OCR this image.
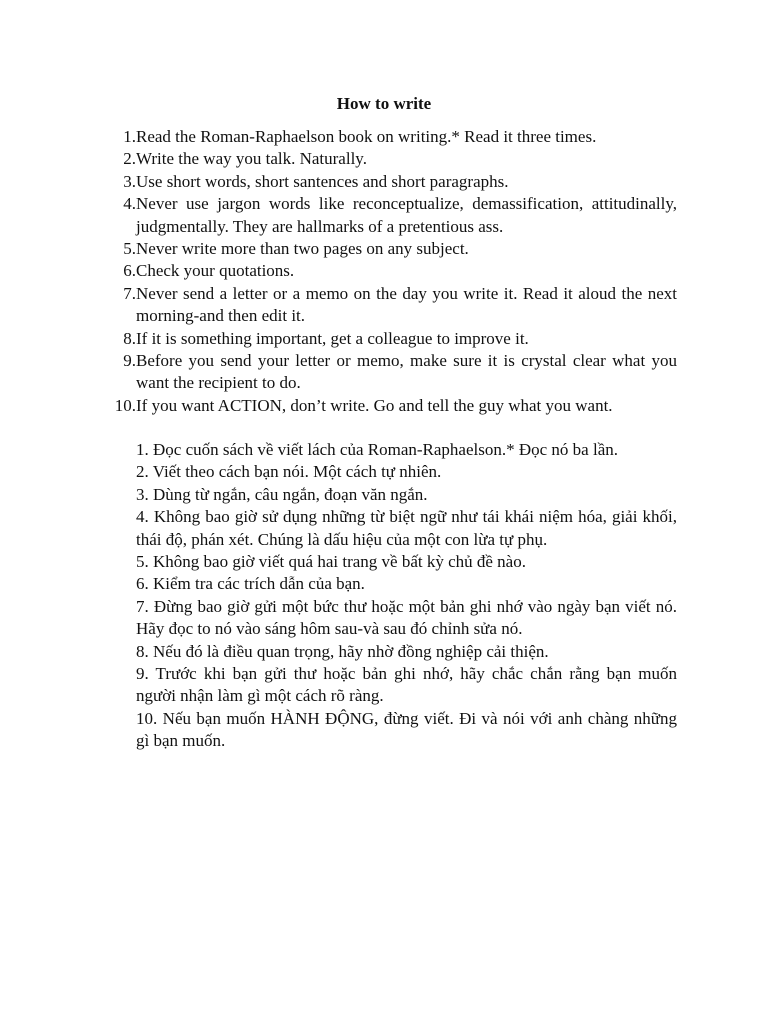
How to write
1. Read the Roman-Raphaelson book on writing.* Read it three times.
2. Write the way you talk. Naturally.
3. Use short words, short santences and short paragraphs.
4. Never use jargon words like reconceptualize, demassification, attitudinally, judgmentally. They are hallmarks of a pretentious ass.
5. Never write more than two pages on any subject.
6. Check your quotations.
7. Never send a letter or a memo on the day you write it. Read it aloud the next morning-and then edit it.
8. If it is something important, get a colleague to improve it.
9. Before you send your letter or memo, make sure it is crystal clear what you want the recipient to do.
10. If you want ACTION, don’t write. Go and tell the guy what you want.
1. Đọc cuốn sách về viết lách của Roman-Raphaelson.* Đọc nó ba lần.
2. Viết theo cách bạn nói. Một cách tự nhiên.
3. Dùng từ ngắn, câu ngắn, đoạn văn ngắn.
4. Không bao giờ sử dụng những từ biệt ngữ như tái khái niệm hóa, giải khối, thái độ, phán xét. Chúng là dấu hiệu của một con lừa tự phụ.
5. Không bao giờ viết quá hai trang về bất kỳ chủ đề nào.
6. Kiểm tra các trích dẫn của bạn.
7. Đừng bao giờ gửi một bức thư hoặc một bản ghi nhớ vào ngày bạn viết nó. Hãy đọc to nó vào sáng hôm sau-và sau đó chỉnh sửa nó.
8. Nếu đó là điều quan trọng, hãy nhờ đồng nghiệp cải thiện.
9. Trước khi bạn gửi thư hoặc bản ghi nhớ, hãy chắc chắn rằng bạn muốn người nhận làm gì một cách rõ ràng.
10. Nếu bạn muốn HÀNH ĐỘNG, đừng viết. Đi và nói với anh chàng những gì bạn muốn.
